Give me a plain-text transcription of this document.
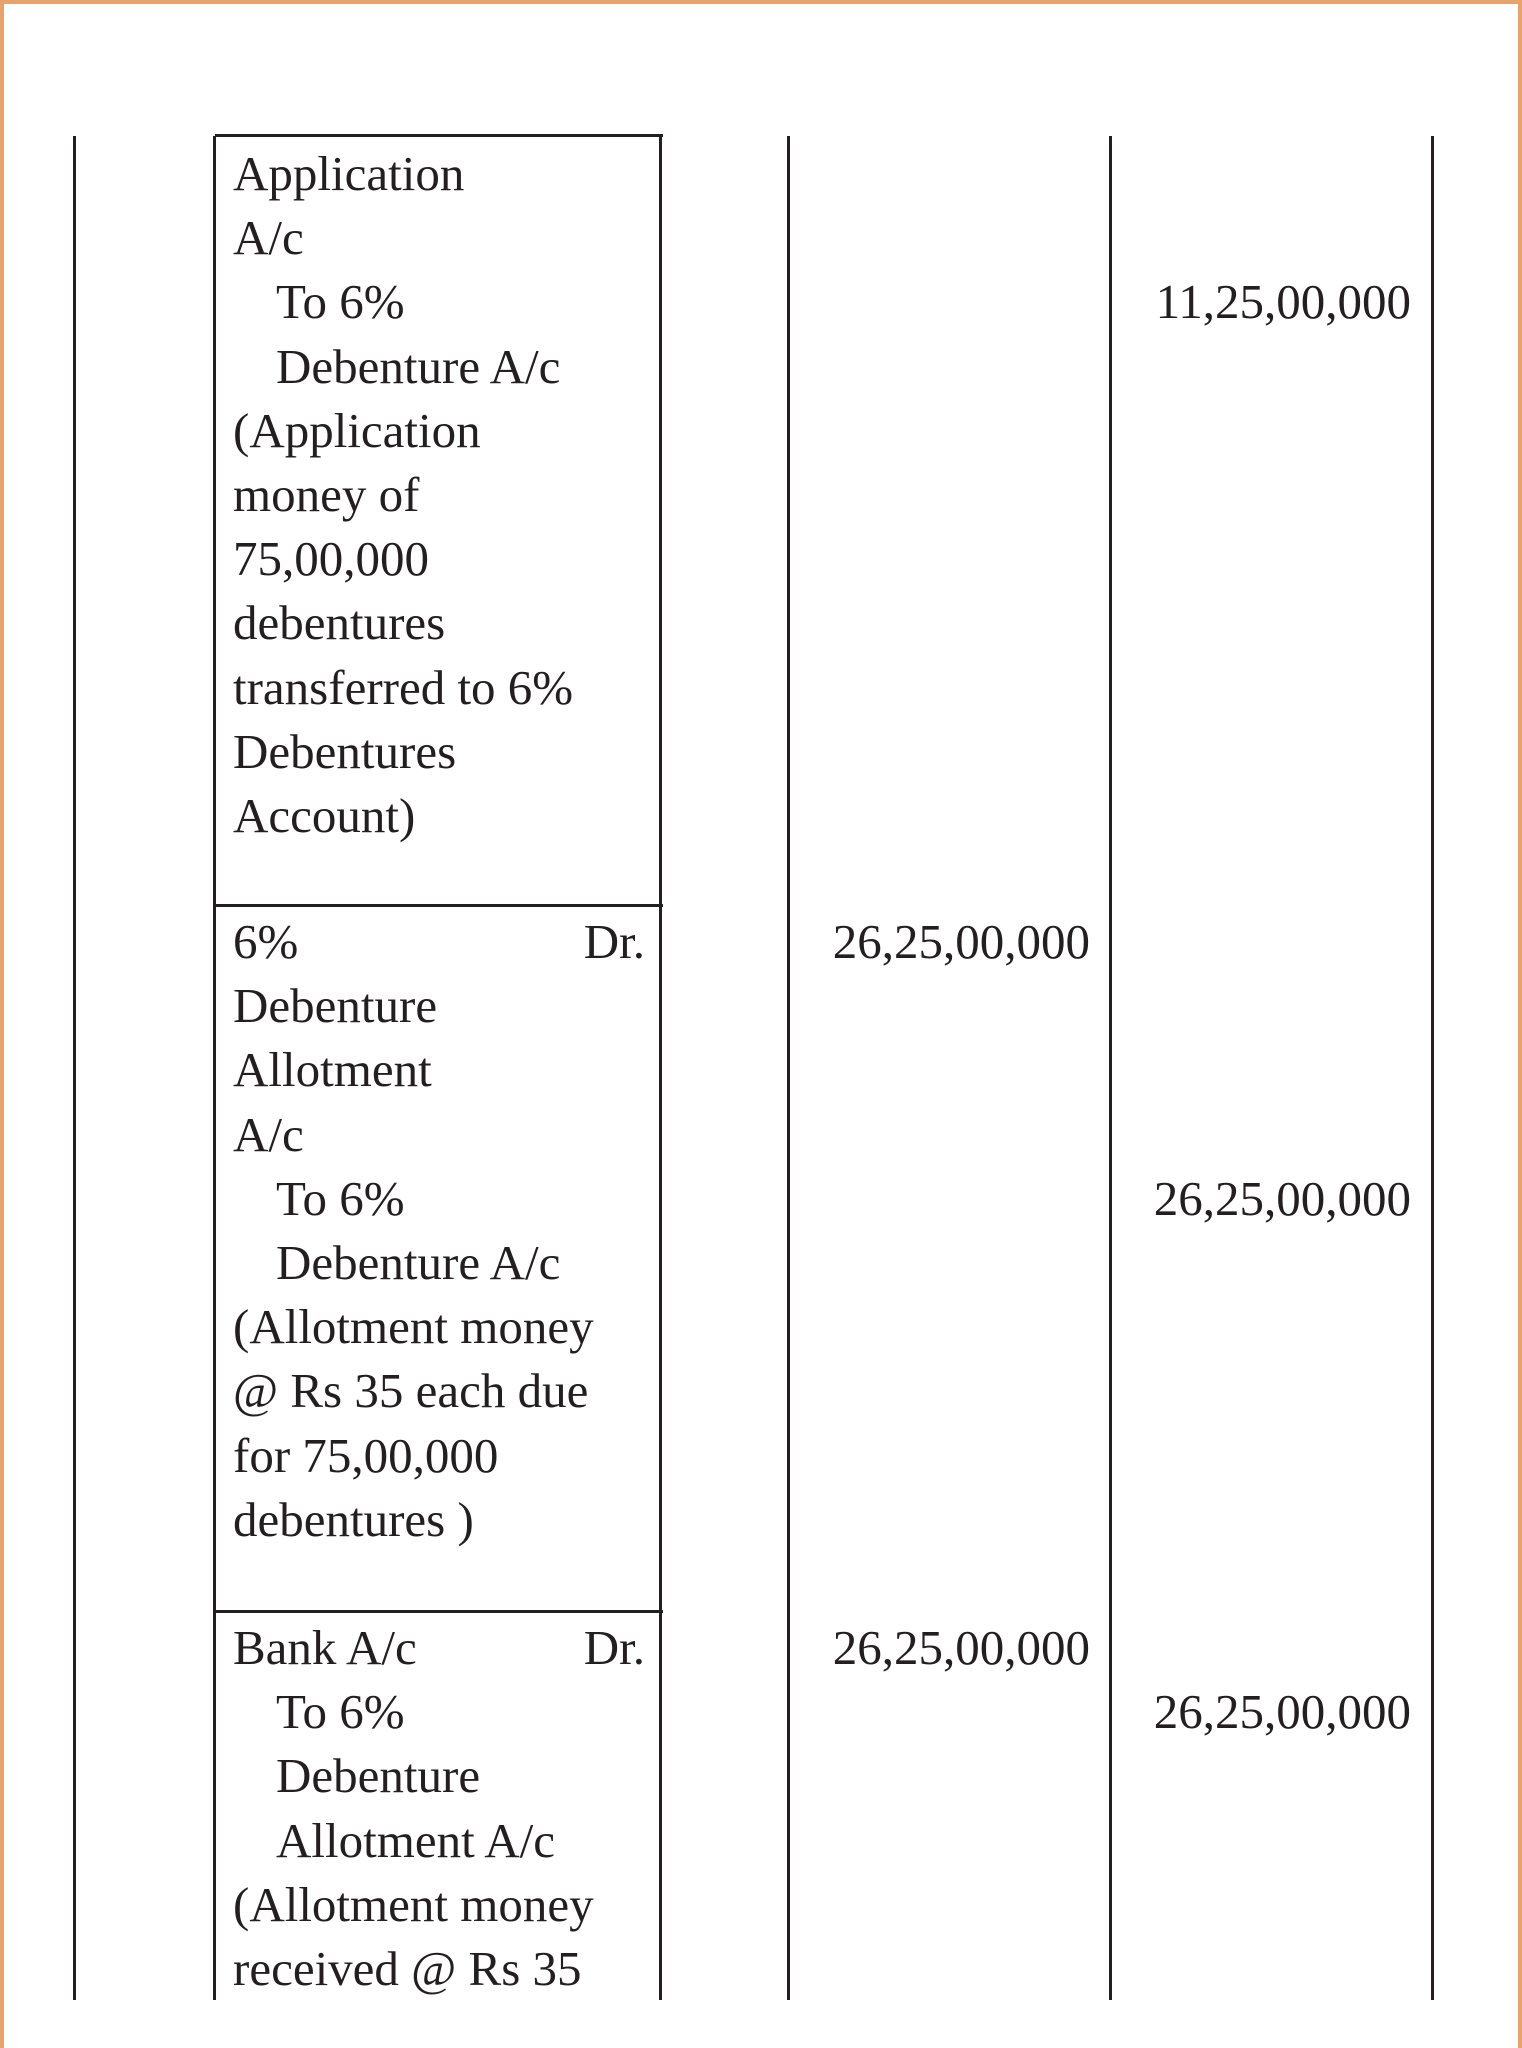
Application
A/c
To 6%
Debenture A/c
(Application
money of
75,00,000
debentures
transferred to 6%
Debentures
Account)
11,25,00,000
6%	Dr.
Debenture
Allotment
A/c
To 6%
Debenture A/c
(Allotment money
@ Rs 35 each due
for 75,00,000
debentures )
26,25,00,000
26,25,00,000
Bank A/c	Dr.
To 6%
Debenture
Allotment A/c
(Allotment money
received @ Rs 35
26,25,00,000
26,25,00,000
